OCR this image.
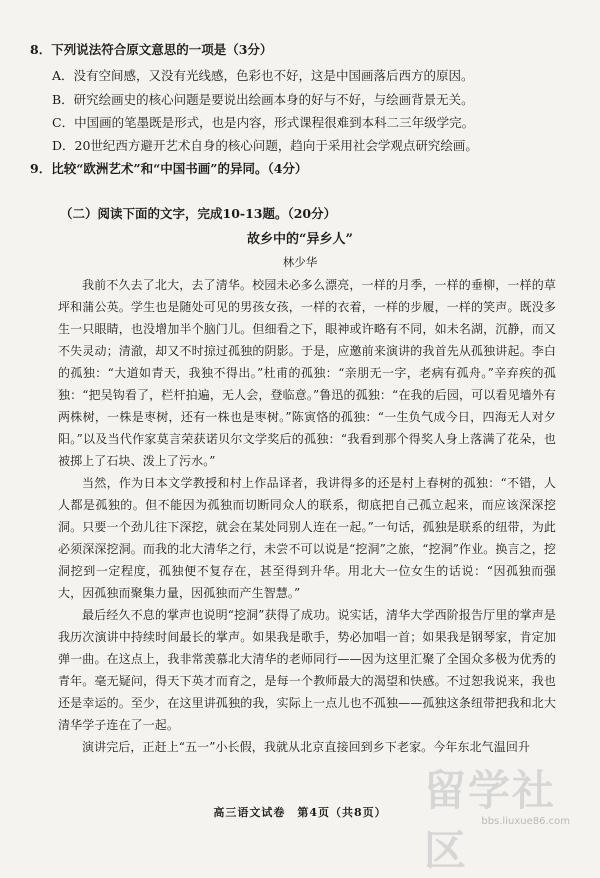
8．下列说法符合原文意思的一项是（3分）
A．没有空间感，又没有光线感，色彩也不好，这是中国画落后西方的原因。
B．研究绘画史的核心问题是要说出绘画本身的好与不好，与绘画背景无关。
C．中国画的笔墨既是形式，也是内容，形式课程很难到本科二三年级学完。
D．20世纪西方避开艺术自身的核心问题，趋向于采用社会学观点研究绘画。
9．比较“欧洲艺术”和“中国书画”的异同。（4分）
（二）阅读下面的文字，完成10-13题。（20分）
故乡中的“异乡人”
林少华

我前不久去了北大，去了清华。校园未必多么漂亮，一样的月季，一样的垂柳，一样的草坪和蒲公英。学生也是随处可见的男孩女孩，一样的衣着，一样的步履，一样的笑声。既没多生一只眼睛，也没增加半个脑门儿。但细看之下，眼神或许略有不同，如未名湖，沉静，而又不失灵动；清澈，却又不时掠过孤独的阴影。于是，应邀前来演讲的我首先从孤独讲起。李白的孤独：“大道如青天，我独不得出。”杜甫的孤独：“亲朋无一字，老病有孤舟。”辛弃疾的孤独：“把吴钩看了，栏杆拍遍，无人会，登临意。”鲁迅的孤独：“在我的后园，可以看见墙外有两株树，一株是枣树，还有一株也是枣树。”陈寅恪的孤独：“一生负气成今日，四海无人对夕阳。”以及当代作家莫言荣获诺贝尔文学奖后的孤独：“我看到那个得奖人身上落满了花朵，也被掷上了石块、泼上了污水。”

当然，作为日本文学教授和村上作品译者，我讲得多的还是村上春树的孤独：“不错，人人都是孤独的。但不能因为孤独而切断同众人的联系，彻底把自己孤立起来，而应该深深挖洞。只要一个劲儿往下深挖，就会在某处同别人连在一起。”一句话，孤独是联系的纽带，为此必须深深挖洞。而我的北大清华之行，未尝不可以说是“挖洞”之旅，“挖洞”作业。换言之，挖洞挖到一定程度，孤独便不复存在，甚至得到升华。用北大一位女生的话说：“因孤独而强大，因孤独而聚集力量，因孤独而产生智慧。”

最后经久不息的掌声也说明“挖洞”获得了成功。说实话，清华大学西阶报告厅里的掌声是我历次演讲中持续时间最长的掌声。如果我是歌手，势必加唱一首；如果我是钢琴家，肯定加弹一曲。在这点上，我非常羡慕北大清华的老师同行——因为这里汇聚了全国众多极为优秀的青年。毫无疑问，得天下英才而育之，是每一个教师最大的渴望和快感。不过恕我说来，我也还是幸运的。至少，在这里讲孤独的我，实际上一点儿也不孤独——孤独这条纽带把我和北大清华学子连在了一起。

演讲完后，正赶上“五一”小长假，我就从北京直接回到乡下老家。今年东北气温回升

高三语文试卷　第4页（共8页） 留学社区
bbs.liuxue86.com
